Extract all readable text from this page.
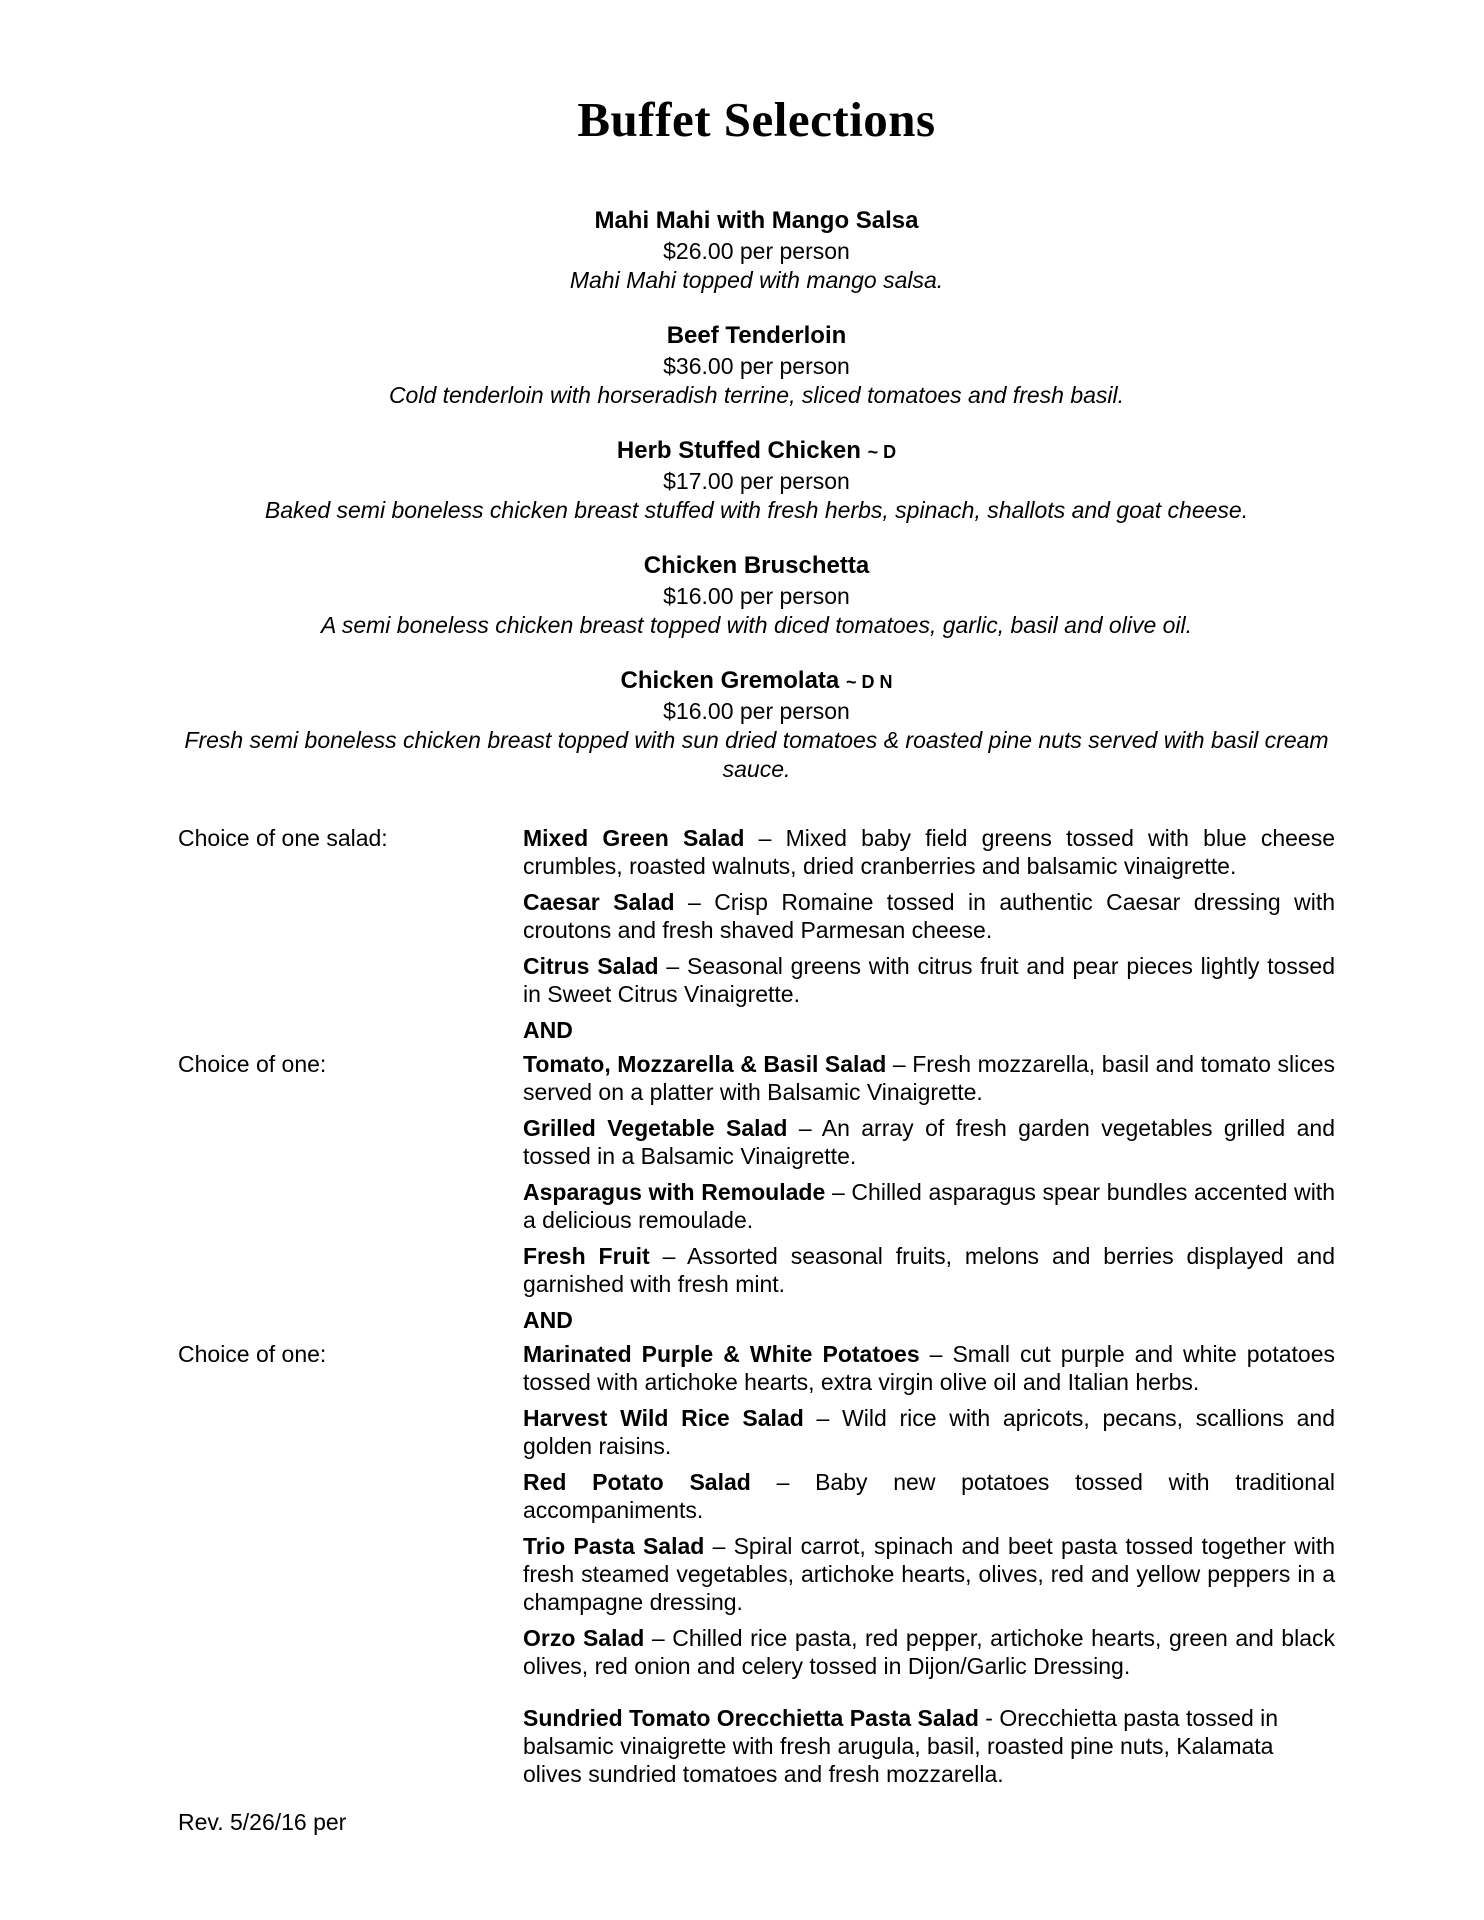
Buffet Selections

Mahi Mahi with Mango Salsa

$26.00 per person

Mahi Mahi topped with mango salsa.

Beef Tenderloin

$36.00 per person

Cold tenderloin with horseradish terrine, sliced tomatoes and fresh basil.

Herb Stuffed Chicken ~ D

$17.00 per person

Baked semi boneless chicken breast stuffed with fresh herbs, spinach, shallots and goat cheese.

Chicken Bruschetta

$16.00 per person

A semi boneless chicken breast topped with diced tomatoes, garlic, basil and olive oil.

Chicken Gremolata ~ D N

$16.00 per person

Fresh semi boneless chicken breast topped with sun dried tomatoes & roasted pine nuts served with basil cream sauce.

Choice of one salad:	Mixed Green Salad – Mixed baby field greens tossed with blue cheese crumbles, roasted walnuts, dried cranberries and balsamic vinaigrette.

Caesar Salad – Crisp Romaine tossed in authentic Caesar dressing with croutons and fresh shaved Parmesan cheese.

Citrus Salad – Seasonal greens with citrus fruit and pear pieces lightly tossed in Sweet Citrus Vinaigrette.

AND

Choice of one:	Tomato, Mozzarella & Basil Salad – Fresh mozzarella, basil and tomato slices served on a platter with Balsamic Vinaigrette.

Grilled Vegetable Salad – An array of fresh garden vegetables grilled and tossed in a Balsamic Vinaigrette.

Asparagus with Remoulade – Chilled asparagus spear bundles accented with a delicious remoulade.

Fresh Fruit – Assorted seasonal fruits, melons and berries displayed and garnished with fresh mint.

AND

Choice of one:	Marinated Purple & White Potatoes – Small cut purple and white potatoes tossed with artichoke hearts, extra virgin olive oil and Italian herbs.

Harvest Wild Rice Salad – Wild rice with apricots, pecans, scallions and golden raisins.

Red Potato Salad – Baby new potatoes tossed with traditional accompaniments.

Trio Pasta Salad – Spiral carrot, spinach and beet pasta tossed together with fresh steamed vegetables, artichoke hearts, olives, red and yellow peppers in a champagne dressing.

Orzo Salad – Chilled rice pasta, red pepper, artichoke hearts, green and black olives, red onion and celery tossed in Dijon/Garlic Dressing.

Sundried Tomato Orecchietta Pasta Salad - Orecchietta pasta tossed in balsamic vinaigrette with fresh arugula, basil, roasted pine nuts, Kalamata olives sundried tomatoes and fresh mozzarella.

Rev. 5/26/16 per
